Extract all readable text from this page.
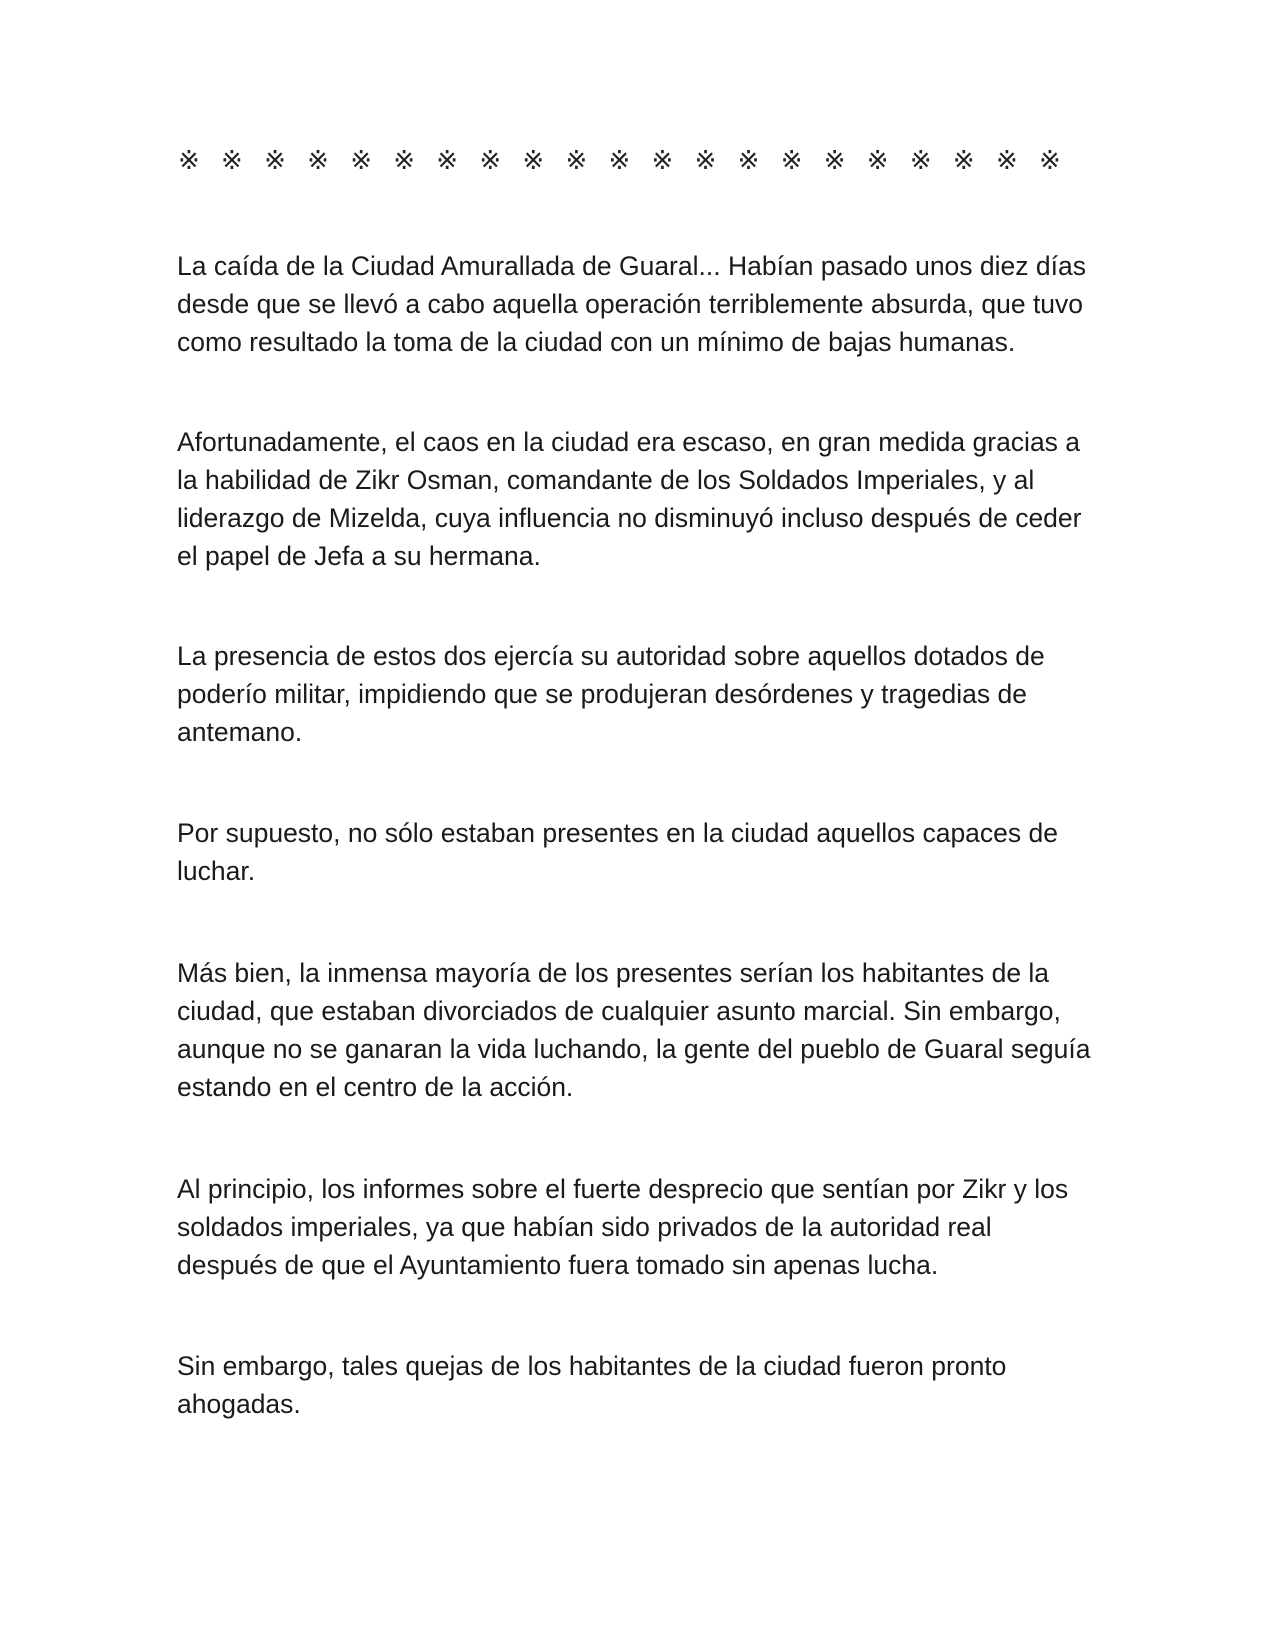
※ ※ ※ ※ ※ ※ ※ ※ ※ ※ ※ ※ ※ ※ ※ ※ ※ ※ ※ ※ ※

La caída de la Ciudad Amurallada de Guaral... Habían pasado unos diez días
desde que se llevó a cabo aquella operación terriblemente absurda, que tuvo
como resultado la toma de la ciudad con un mínimo de bajas humanas.

Afortunadamente, el caos en la ciudad era escaso, en gran medida gracias a
la habilidad de Zikr Osman, comandante de los Soldados Imperiales, y al
liderazgo de Mizelda, cuya influencia no disminuyó incluso después de ceder
el papel de Jefa a su hermana.

La presencia de estos dos ejercía su autoridad sobre aquellos dotados de
poderío militar, impidiendo que se produjeran desórdenes y tragedias de
antemano.

Por supuesto, no sólo estaban presentes en la ciudad aquellos capaces de
luchar.

Más bien, la inmensa mayoría de los presentes serían los habitantes de la
ciudad, que estaban divorciados de cualquier asunto marcial. Sin embargo,
aunque no se ganaran la vida luchando, la gente del pueblo de Guaral seguía
estando en el centro de la acción.

Al principio, los informes sobre el fuerte desprecio que sentían por Zikr y los
soldados imperiales, ya que habían sido privados de la autoridad real
después de que el Ayuntamiento fuera tomado sin apenas lucha.

Sin embargo, tales quejas de los habitantes de la ciudad fueron pronto
ahogadas.
